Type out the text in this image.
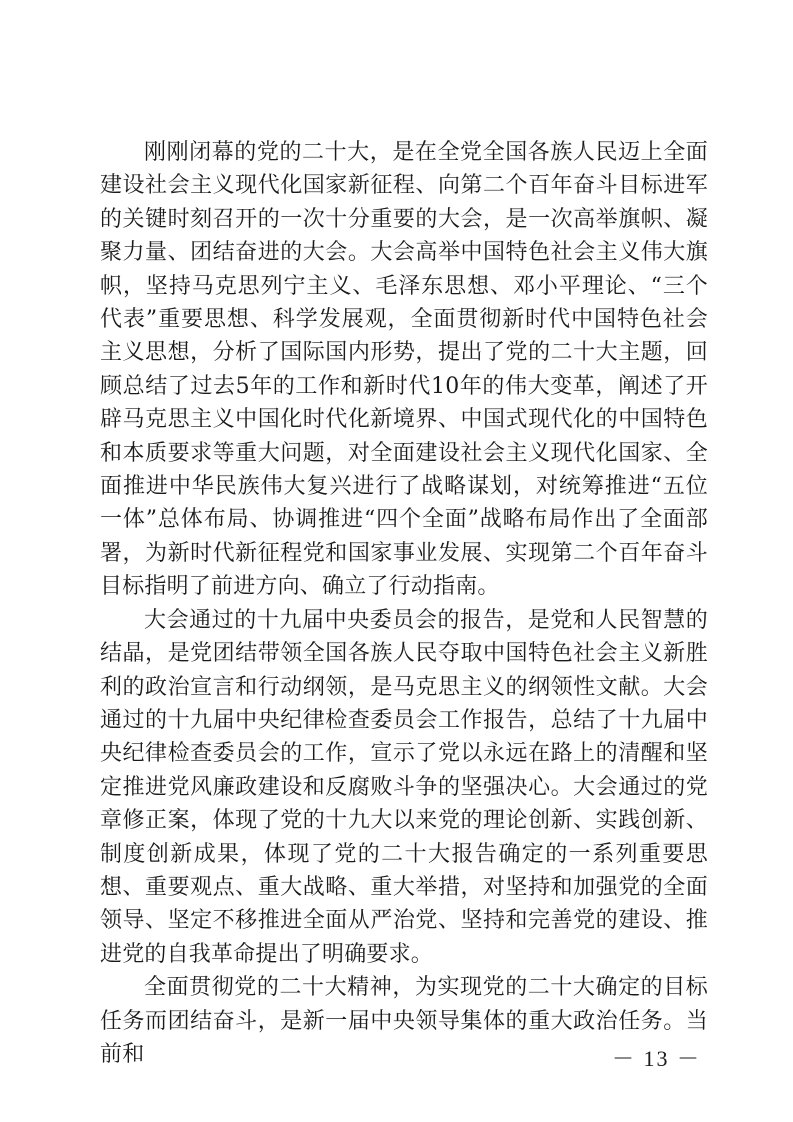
刚刚闭幕的党的二十大，是在全党全国各族人民迈上全面建设社会主义现代化国家新征程、向第二个百年奋斗目标进军的关键时刻召开的一次十分重要的大会，是一次高举旗帜、凝聚力量、团结奋进的大会。大会高举中国特色社会主义伟大旗帜，坚持马克思列宁主义、毛泽东思想、邓小平理论、“三个代表”重要思想、科学发展观，全面贯彻新时代中国特色社会主义思想，分析了国际国内形势，提出了党的二十大主题，回顾总结了过去5年的工作和新时代10年的伟大变革，阐述了开辟马克思主义中国化时代化新境界、中国式现代化的中国特色和本质要求等重大问题，对全面建设社会主义现代化国家、全面推进中华民族伟大复兴进行了战略谋划，对统筹推进“五位一体”总体布局、协调推进“四个全面”战略布局作出了全面部署，为新时代新征程党和国家事业发展、实现第二个百年奋斗目标指明了前进方向、确立了行动指南。

大会通过的十九届中央委员会的报告，是党和人民智慧的结晶，是党团结带领全国各族人民夺取中国特色社会主义新胜利的政治宣言和行动纲领，是马克思主义的纲领性文献。大会通过的十九届中央纪律检查委员会工作报告，总结了十九届中央纪律检查委员会的工作，宣示了党以永远在路上的清醒和坚定推进党风廉政建设和反腐败斗争的坚强决心。大会通过的党章修正案，体现了党的十九大以来党的理论创新、实践创新、制度创新成果，体现了党的二十大报告确定的一系列重要思想、重要观点、重大战略、重大举措，对坚持和加强党的全面领导、坚定不移推进全面从严治党、坚持和完善党的建设、推进党的自我革命提出了明确要求。

全面贯彻党的二十大精神，为实现党的二十大确定的目标任务而团结奋斗，是新一届中央领导集体的重大政治任务。当前和	－ 13 －
